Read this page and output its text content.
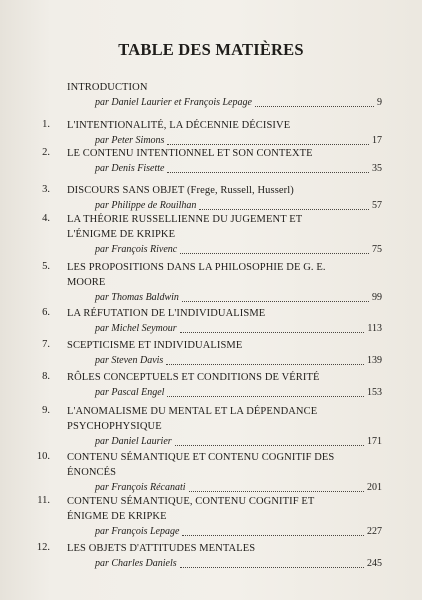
TABLE DES MATIÈRES
INTRODUCTION
par Daniel Laurier et François Lepage	9
1. L'INTENTIONALITÉ, LA DÉCENNIE DÉCISIVE
par Peter Simons	17
2. LE CONTENU INTENTIONNEL ET SON CONTEXTE
par Denis Fisette	35
3. DISCOURS SANS OBJET (Frege, Russell, Husserl)
par Philippe de Rouilhan	57
4. LA THÉORIE RUSSELLIENNE DU JUGEMENT ET
L'ÉNIGME DE KRIPKE
par François Rivenc	75
5. LES PROPOSITIONS DANS LA PHILOSOPHIE DE G. E.
MOORE
par Thomas Baldwin	99
6. LA RÉFUTATION DE L'INDIVIDUALISME
par Michel Seymour	113
7. SCEPTICISME ET INDIVIDUALISME
par Steven Davis	139
8. RÔLES CONCEPTUELS ET CONDITIONS DE VÉRITÉ
par Pascal Engel	153
9. L'ANOMALISME DU MENTAL ET LA DÉPENDANCE
PSYCHOPHYSIQUE
par Daniel Laurier	171
10. CONTENU SÉMANTIQUE ET CONTENU COGNITIF DES
ÉNONCÉS
par François Récanati	201
11. CONTENU SÉMANTIQUE, CONTENU COGNITIF ET
ÉNIGME DE KRIPKE
par François Lepage	227
12. LES OBJETS D'ATTITUDES MENTALES
par Charles Daniels	245
